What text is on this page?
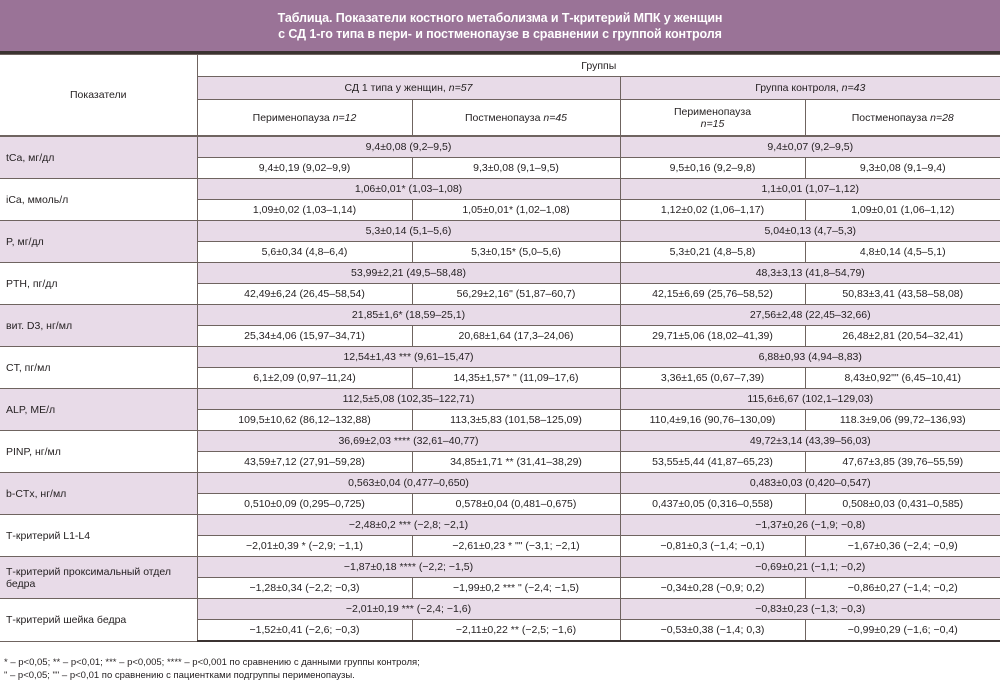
Таблица. Показатели костного метаболизма и Т-критерий МПК у женщин
с СД 1-го типа в пери- и постменопаузе в сравнении с группой контроля
Показатели	Группы			
	СД 1 типа у женщин, n=57		Группа контроля, n=43	
	Перименопауза n=12	Постменопауза n=45	Перименопауза
n=15	Постменопауза n=28
tCa, мг/дл	9,4±0,08 (9,2–9,5)		9,4±0,07 (9,2–9,5)	
	9,4±0,19 (9,02–9,9)	9,3±0,08 (9,1–9,5)	9,5±0,16 (9,2–9,8)	9,3±0,08 (9,1–9,4)
iCa, ммоль/л	1,06±0,01* (1,03–1,08)		1,1±0,01 (1,07–1,12)	
	1,09±0,02 (1,03–1,14)	1,05±0,01* (1,02–1,08)	1,12±0,02 (1,06–1,17)	1,09±0,01 (1,06–1,12)
P, мг/дл	5,3±0,14 (5,1–5,6)		5,04±0,13 (4,7–5,3)	
	5,6±0,34 (4,8–6,4)	5,3±0,15* (5,0–5,6)	5,3±0,21 (4,8–5,8)	4,8±0,14 (4,5–5,1)
PTH, пг/дл	53,99±2,21 (49,5–58,48)		48,3±3,13 (41,8–54,79)	
	42,49±6,24 (26,45–58,54)	56,29±2,16" (51,87–60,7)	42,15±6,69 (25,76–58,52)	50,83±3,41 (43,58–58,08)
вит. D3, нг/мл	21,85±1,6* (18,59–25,1)		27,56±2,48 (22,45–32,66)	
	25,34±4,06 (15,97–34,71)	20,68±1,64 (17,3–24,06)	29,71±5,06 (18,02–41,39)	26,48±2,81 (20,54–32,41)
CT, пг/мл	12,54±1,43 *** (9,61–15,47)		6,88±0,93 (4,94–8,83)	
	6,1±2,09 (0,97–11,24)	14,35±1,57* " (11,09–17,6)	3,36±1,65 (0,67–7,39)	8,43±0,92"" (6,45–10,41)
ALP, МЕ/л	112,5±5,08 (102,35–122,71)		115,6±6,67 (102,1–129,03)	
	109,5±10,62 (86,12–132,88)	113,3±5,83 (101,58–125,09)	110,4±9,16 (90,76–130,09)	118.3±9,06 (99,72–136,93)
PINP, нг/мл	36,69±2,03 **** (32,61–40,77)		49,72±3,14 (43,39–56,03)	
	43,59±7,12 (27,91–59,28)	34,85±1,71 ** (31,41–38,29)	53,55±5,44 (41,87–65,23)	47,67±3,85 (39,76–55,59)
b-CTx, нг/мл	0,563±0,04 (0,477–0,650)		0,483±0,03 (0,420–0,547)	
	0,510±0,09 (0,295–0,725)	0,578±0,04 (0,481–0,675)	0,437±0,05 (0,316–0,558)	0,508±0,03 (0,431–0,585)
Т-критерий L1-L4	−2,48±0,2 *** (−2,8; −2,1)		−1,37±0,26 (−1,9; −0,8)	
	−2,01±0,39 * (−2,9; −1,1)	−2,61±0,23 * "" (−3,1; −2,1)	−0,81±0,3 (−1,4; −0,1)	−1,67±0,36 (−2,4; −0,9)
Т-критерий проксимальный отдел бедра	−1,87±0,18 **** (−2,2; −1,5)		−0,69±0,21 (−1,1; −0,2)	
	−1,28±0,34 (−2,2; −0,3)	−1,99±0,2 *** " (−2,4; −1,5)	−0,34±0,28 (−0,9; 0,2)	−0,86±0,27 (−1,4; −0,2)
Т-критерий шейка бедра	−2,01±0,19 *** (−2,4; −1,6)		−0,83±0,23 (−1,3; −0,3)	
	−1,52±0,41 (−2,6; −0,3)	−2,11±0,22 ** (−2,5; −1,6)	−0,53±0,38 (−1,4; 0,3)	−0,99±0,29 (−1,6; −0,4)
* – p<0,05; ** – p<0,01; *** – p<0,005; **** – p<0,001 по сравнению с данными группы контроля;
" – p<0,05; "" – p<0,01 по сравнению с пациентками подгруппы перименопаузы.
